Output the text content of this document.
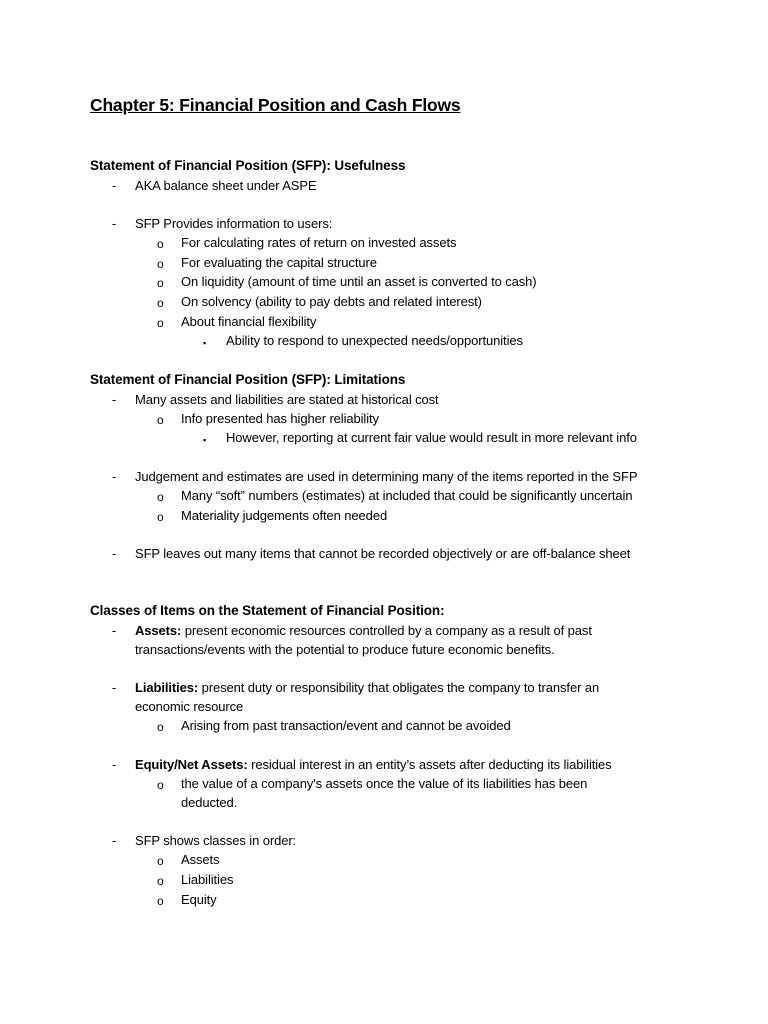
Chapter 5: Financial Position and Cash Flows
Statement of Financial Position (SFP): Usefulness
- AKA balance sheet under ASPE
- SFP Provides information to users:
o For calculating rates of return on invested assets
o For evaluating the capital structure
o On liquidity (amount of time until an asset is converted to cash)
o On solvency (ability to pay debts and related interest)
o About financial flexibility
▪ Ability to respond to unexpected needs/opportunities
Statement of Financial Position (SFP): Limitations
- Many assets and liabilities are stated at historical cost
o Info presented has higher reliability
▪ However, reporting at current fair value would result in more relevant info
- Judgement and estimates are used in determining many of the items reported in the SFP
o Many “soft” numbers (estimates) at included that could be significantly uncertain
o Materiality judgements often needed
- SFP leaves out many items that cannot be recorded objectively or are off-balance sheet
Classes of Items on the Statement of Financial Position:
- Assets: present economic resources controlled by a company as a result of past
transactions/events with the potential to produce future economic benefits.
- Liabilities: present duty or responsibility that obligates the company to transfer an
economic resource
o Arising from past transaction/event and cannot be avoided
- Equity/Net Assets: residual interest in an entity’s assets after deducting its liabilities
o the value of a company's assets once the value of its liabilities has been
deducted.
- SFP shows classes in order:
o Assets
o Liabilities
o Equity
